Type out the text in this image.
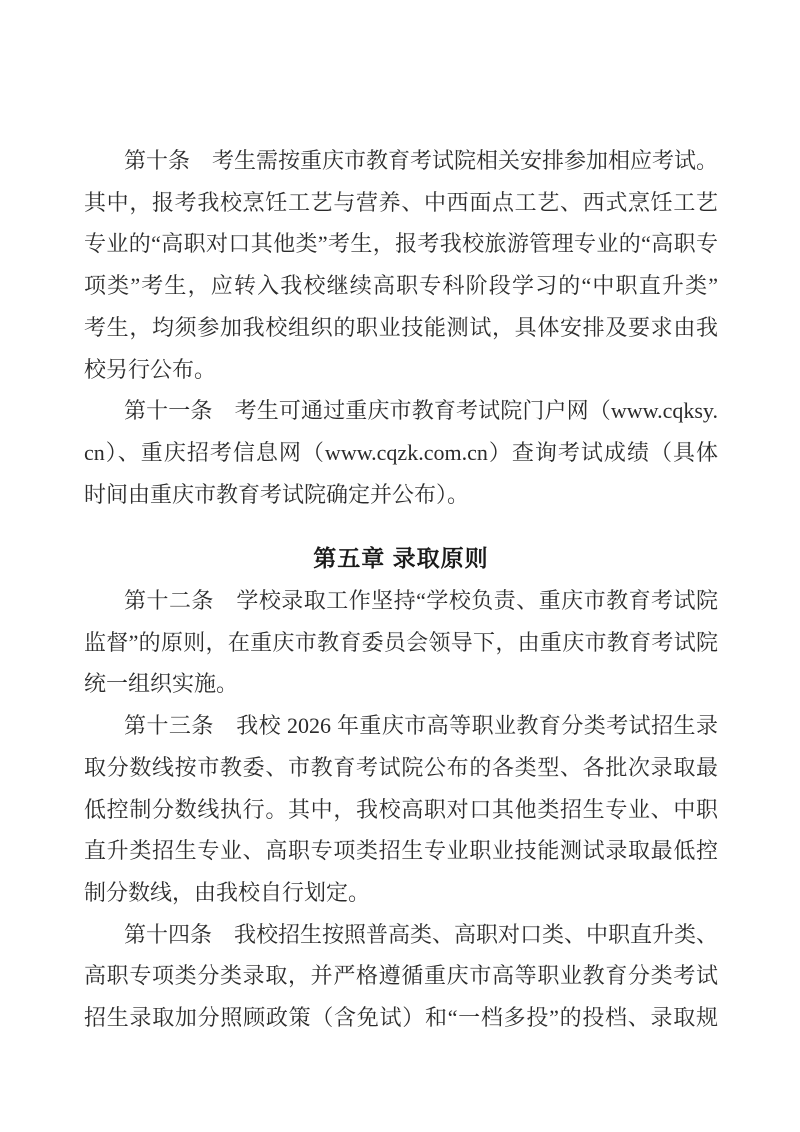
第十条　考生需按重庆市教育考试院相关安排参加相应考试。
其中，报考我校烹饪工艺与营养、中西面点工艺、西式烹饪工艺
专业的“高职对口其他类”考生，报考我校旅游管理专业的“高职专
项类”考生，应转入我校继续高职专科阶段学习的“中职直升类”
考生，均须参加我校组织的职业技能测试，具体安排及要求由我
校另行公布。
第十一条　考生可通过重庆市教育考试院门户网（www.cqksy.
cn）、重庆招考信息网（www.cqzk.com.cn）查询考试成绩（具体
时间由重庆市教育考试院确定并公布）。
第五章 录取原则
第十二条　学校录取工作坚持“学校负责、重庆市教育考试院
监督”的原则，在重庆市教育委员会领导下，由重庆市教育考试院
统一组织实施。
第十三条　我校 2026 年重庆市高等职业教育分类考试招生录
取分数线按市教委、市教育考试院公布的各类型、各批次录取最
低控制分数线执行。其中，我校高职对口其他类招生专业、中职
直升类招生专业、高职专项类招生专业职业技能测试录取最低控
制分数线，由我校自行划定。
第十四条　我校招生按照普高类、高职对口类、中职直升类、
高职专项类分类录取，并严格遵循重庆市高等职业教育分类考试
招生录取加分照顾政策（含免试）和“一档多投”的投档、录取规
